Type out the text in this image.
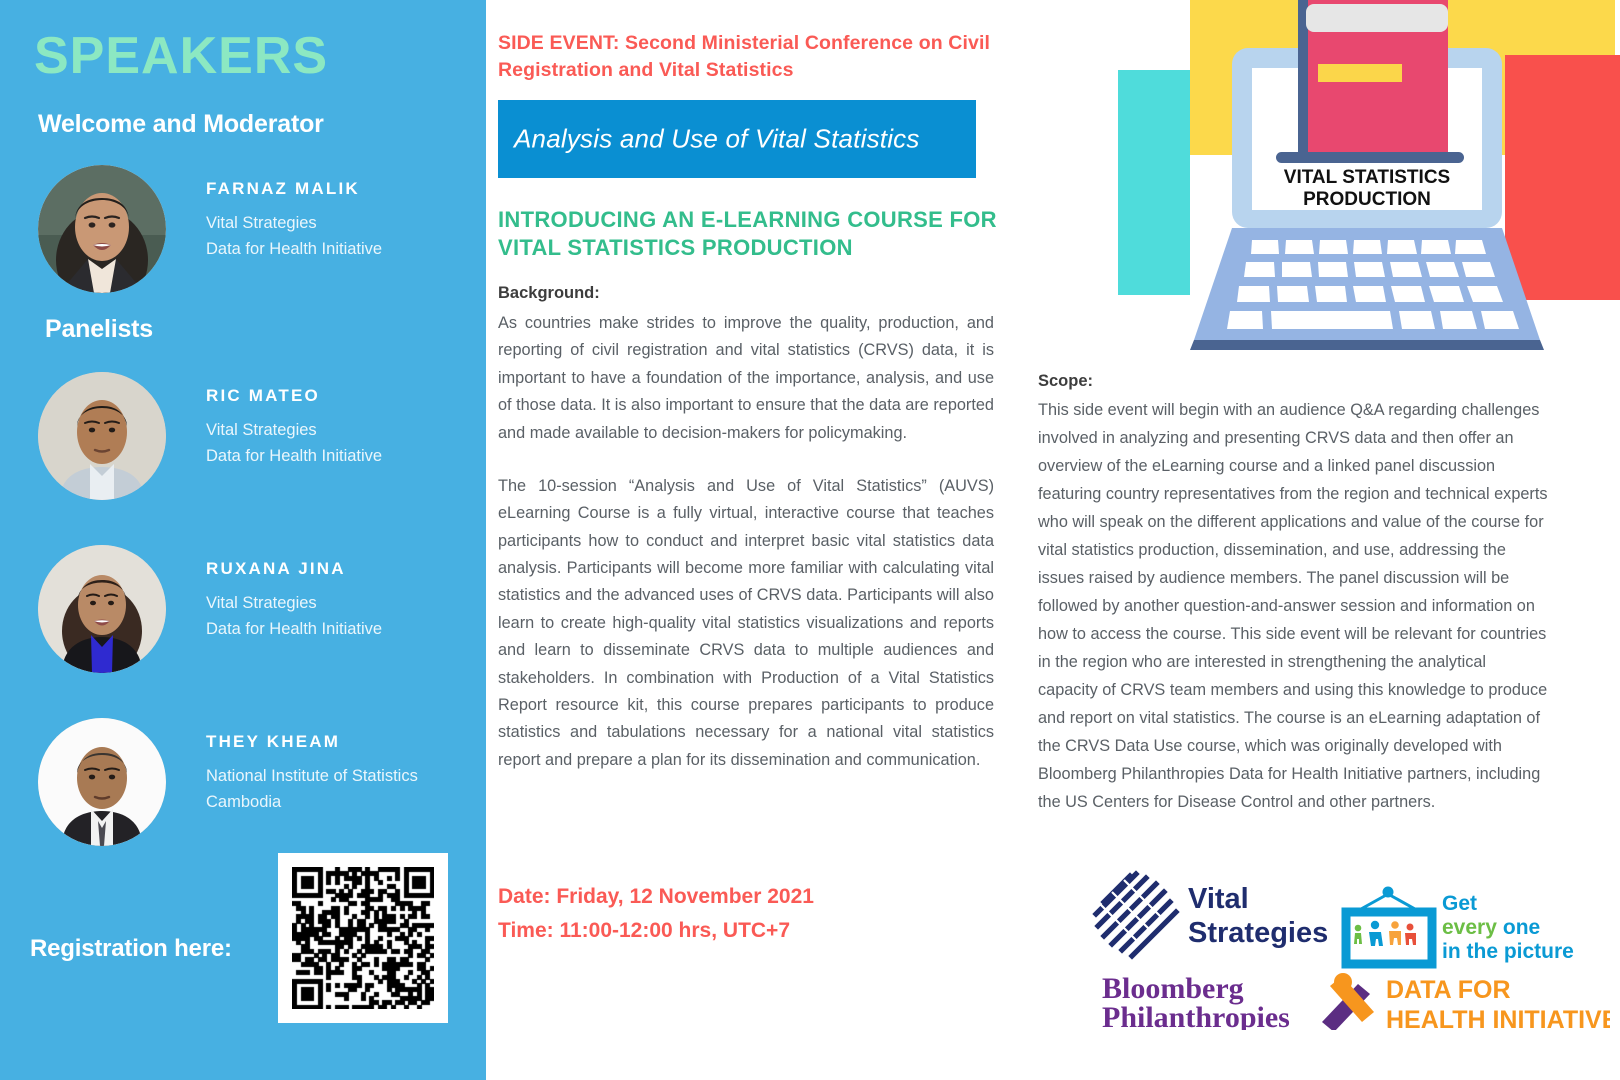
SPEAKERS
Welcome and Moderator
FARNAZ MALIK
Vital Strategies
Data for Health Initiative
Panelists
RIC MATEO
Vital Strategies
Data for Health Initiative
RUXANA JINA
Vital Strategies
Data for Health Initiative
THEY KHEAM
National Institute of Statistics
Cambodia
Registration here:
SIDE EVENT: Second Ministerial Conference on Civil Registration and Vital Statistics
Analysis and Use of Vital Statistics
INTRODUCING AN E-LEARNING COURSE FOR VITAL STATISTICS PRODUCTION
Background:

As countries make strides to improve the quality, production, and reporting of civil registration and vital statistics (CRVS) data, it is important to have a foundation of the importance, analysis, and use of those data. It is also important to ensure that the data are reported and made available to decision-makers for policymaking.

The 10-session “Analysis and Use of Vital Statistics” (AUVS) eLearning Course is a fully virtual, interactive course that teaches participants how to conduct and interpret basic vital statistics data analysis. Participants will become more familiar with calculating vital statistics and the advanced uses of CRVS data. Participants will also learn to create high-quality vital statistics visualizations and reports and learn to disseminate CRVS data to multiple audiences and stakeholders. In combination with Production of a Vital Statistics Report resource kit, this course prepares participants to produce statistics and tabulations necessary for a national vital statistics report and prepare a plan for its dissemination and communication.

Date: Friday, 12 November 2021
Time: 11:00-12:00 hrs, UTC+7
VITAL STATISTICS
PRODUCTION
Scope:
This side event will begin with an audience Q&A regarding challenges involved in analyzing and presenting CRVS data and then offer an overview of the eLearning course and a linked panel discussion featuring country representatives from the region and technical experts who will speak on the different applications and value of the course for vital statistics production, dissemination, and use, addressing the issues raised by audience members. The panel discussion will be followed by another question-and-answer session and information on how to access the course. This side event will be relevant for countries in the region who are interested in strengthening the analytical capacity of CRVS team members and using this knowledge to produce and report on vital statistics. The course is an eLearning adaptation of the CRVS Data Use course, which was originally developed with Bloomberg Philanthropies Data for Health Initiative partners, including the US Centers for Disease Control and other partners.
Vital
Strategies
Get
every one
in the picture
Bloomberg
Philanthropies
DATA FOR
HEALTH INITIATIVE
